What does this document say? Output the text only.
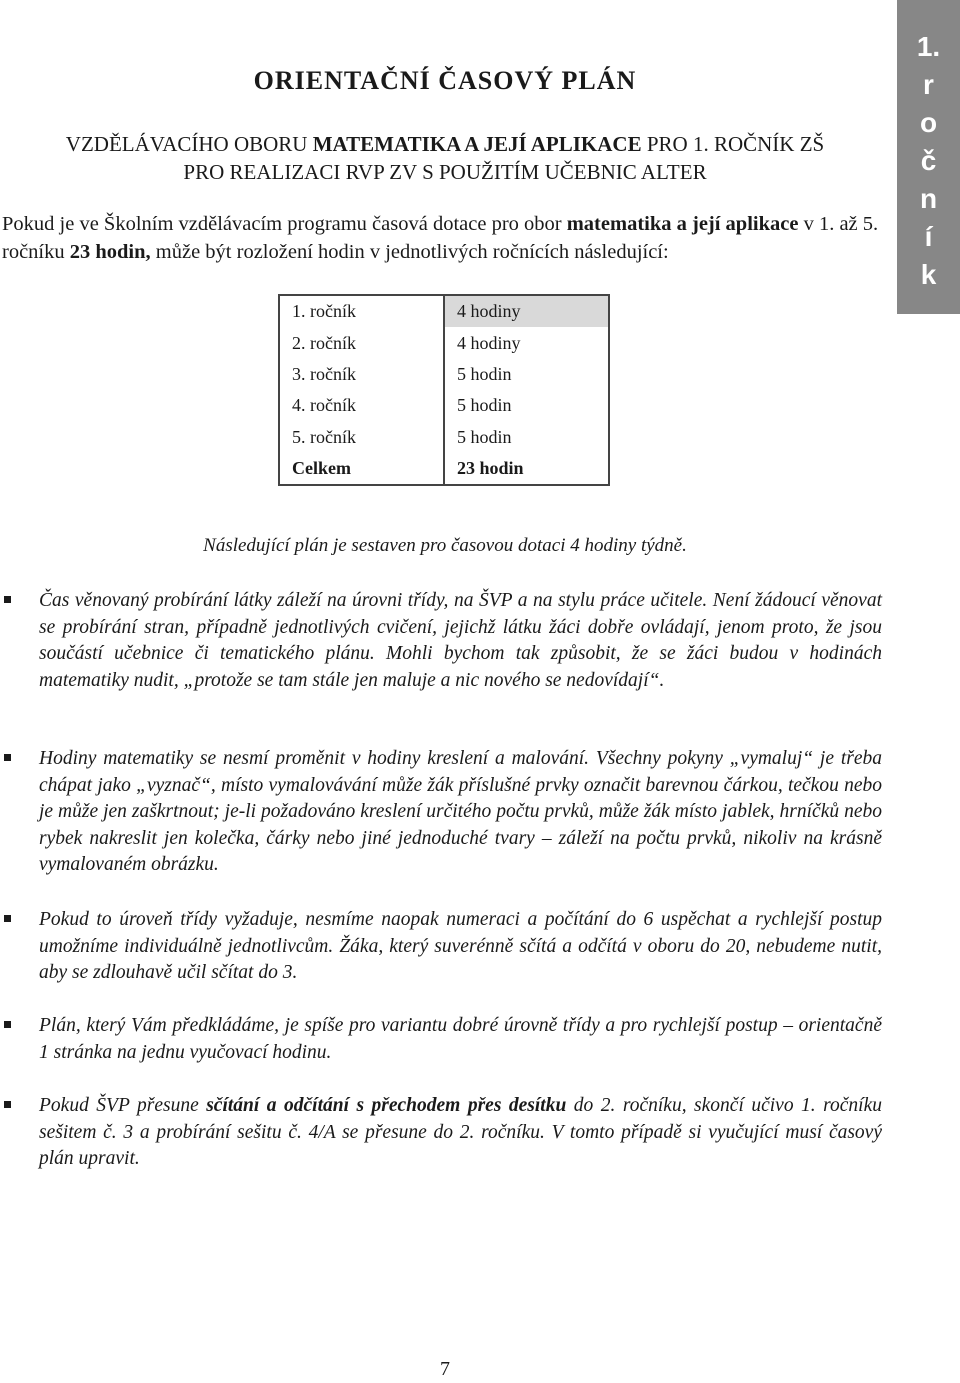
1.
r
o
č
n
í
k
ORIENTAČNÍ ČASOVÝ PLÁN
VZDĚLÁVACÍHO OBORU MATEMATIKA A JEJÍ APLIKACE PRO 1. ROČNÍK ZŠ
PRO REALIZACI RVP ZV S POUŽITÍM UČEBNIC ALTER
Pokud je ve Školním vzdělávacím programu časová dotace pro obor matematika a její aplikace v 1. až 5. ročníku 23 hodin, může být rozložení hodin v jednotlivých ročnících následující:
1. ročník	4 hodiny
2. ročník	4 hodiny
3. ročník	5 hodin
4. ročník	5 hodin
5. ročník	5 hodin
Celkem	23 hodin
Následující plán je sestaven pro časovou dotaci 4 hodiny týdně.
Čas věnovaný probírání látky záleží na úrovni třídy, na ŠVP a na stylu práce učitele. Není žádoucí věnovat se probírání stran, případně jednotlivých cvičení, jejichž látku žáci dobře ovládají, jenom proto, že jsou součástí učebnice či tematického plánu. Mohli bychom tak způsobit, že se žáci budou v hodinách matematiky nudit, „protože se tam stále jen maluje a nic nového se nedovídají“.
Hodiny matematiky se nesmí proměnit v hodiny kreslení a malování. Všechny pokyny „vymaluj“ je třeba chápat jako „vyznač“, místo vymalovávání může žák příslušné prvky označit barevnou čárkou, tečkou nebo je může jen zaškrtnout; je-li požadováno kreslení určitého počtu prvků, může žák místo jablek, hrníčků nebo rybek nakreslit jen kolečka, čárky nebo jiné jednoduché tvary – záleží na počtu prvků, nikoliv na krásně vymalovaném obrázku.
Pokud to úroveň třídy vyžaduje, nesmíme naopak numeraci a počítání do 6 uspěchat a rychlejší postup umožníme individuálně jednotlivcům. Žáka, který suverénně sčítá a odčítá v oboru do 20, nebudeme nutit, aby se zdlouhavě učil sčítat do 3.
Plán, který Vám předkládáme, je spíše pro variantu dobré úrovně třídy a pro rychlejší postup – orientačně 1 stránka na jednu vyučovací hodinu.
Pokud ŠVP přesune sčítání a odčítání s přechodem přes desítku do 2. ročníku, skončí učivo 1. ročníku sešitem č. 3 a probírání sešitu č. 4/A se přesune do 2. ročníku. V tomto případě si vyučující musí časový plán upravit.
7
